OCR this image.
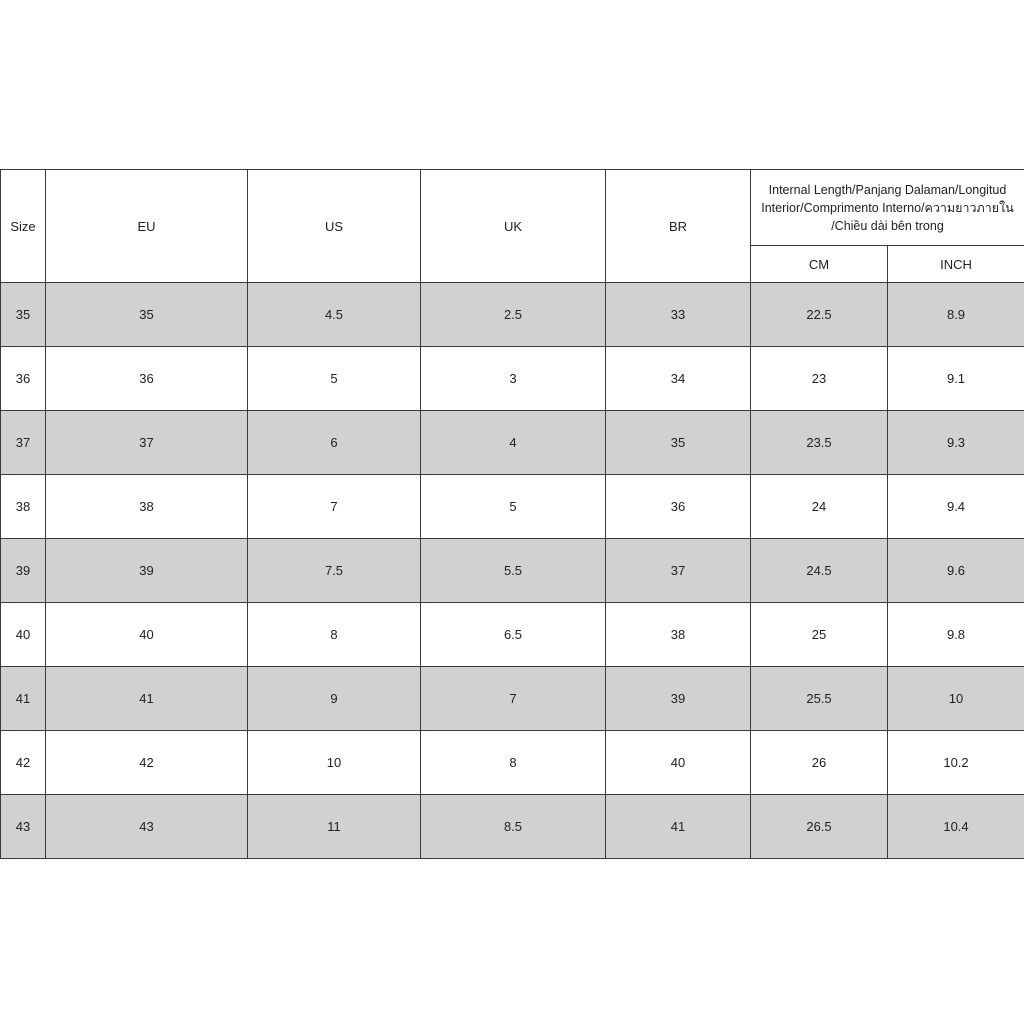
Size	EU	US	UK	BR	Internal Length/Panjang Dalaman/Longitud Interior/Comprimento Interno/ความยาวภายใน /Chiều dài bên trong	
					CM	INCH
35	35	4.5	2.5	33	22.5	8.9
36	36	5	3	34	23	9.1
37	37	6	4	35	23.5	9.3
38	38	7	5	36	24	9.4
39	39	7.5	5.5	37	24.5	9.6
40	40	8	6.5	38	25	9.8
41	41	9	7	39	25.5	10
42	42	10	8	40	26	10.2
43	43	11	8.5	41	26.5	10.4
